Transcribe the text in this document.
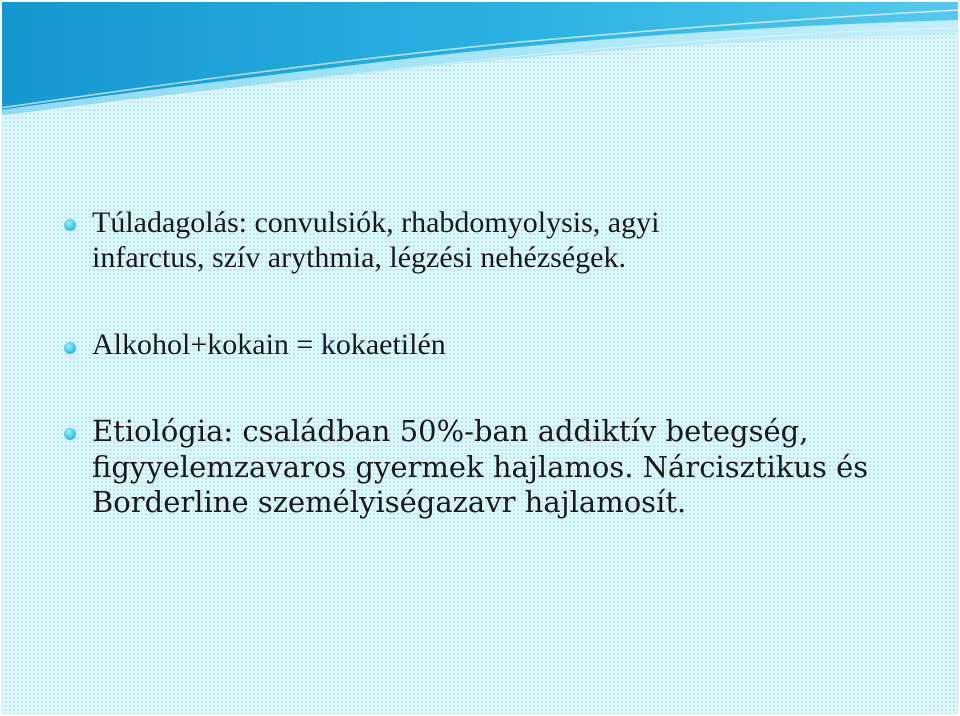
Túladagolás: convulsiók, rhabdomyolysis, agyi
infarctus, szív arythmia, légzési nehézségek.
Alkohol+kokain = kokaetilén
Etiológia: családban 50%-ban addiktív betegség,
figyyelemzavaros gyermek hajlamos. Nárcisztikus és
Borderline személyiségazavr hajlamosít.
